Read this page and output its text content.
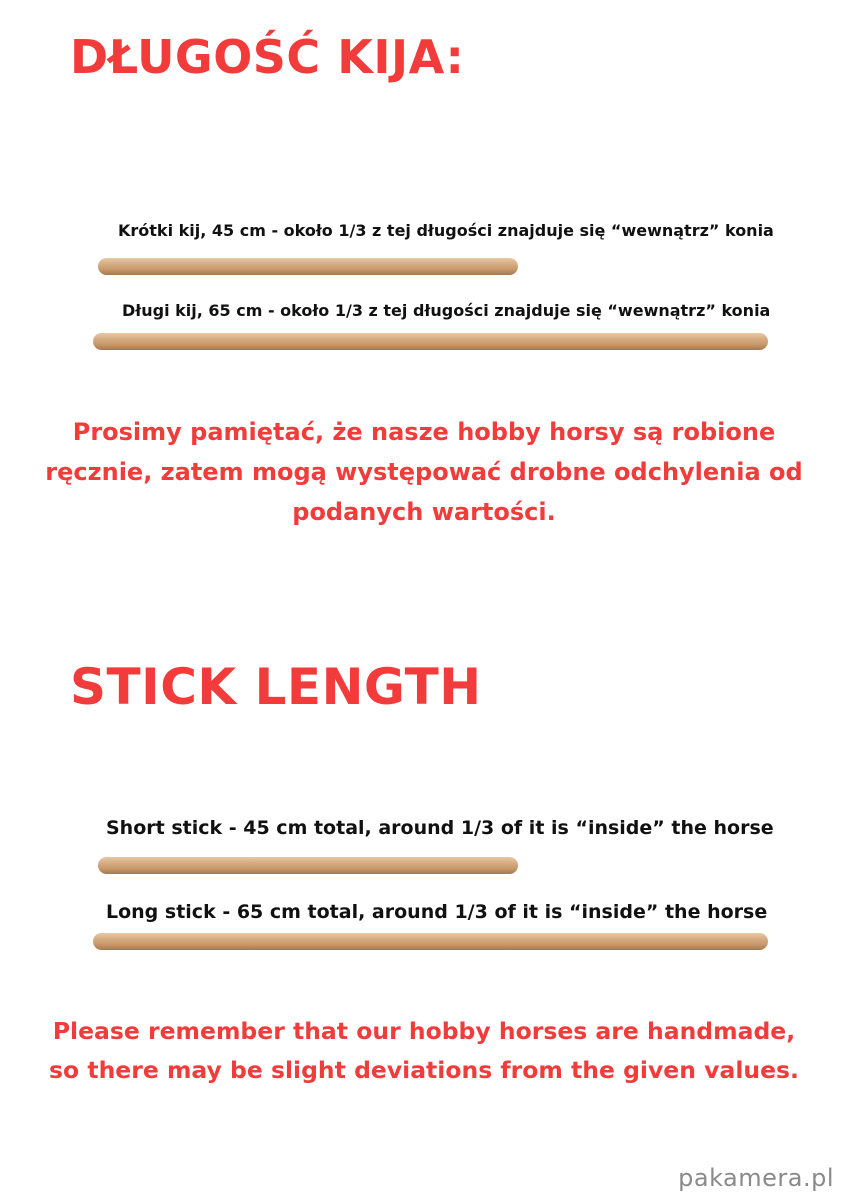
DŁUGOŚĆ KIJA:
Krótki kij, 45 cm - około 1/3 z tej długości znajduje się “wewnątrz” konia
Długi kij, 65 cm - około 1/3 z tej długości znajduje się “wewnątrz” konia

Prosimy pamiętać, że nasze hobby horsy są robione ręcznie, zatem mogą występować drobne odchylenia od podanych wartości.

STICK LENGTH
Short stick - 45 cm total, around 1/3 of it is “inside” the horse
Long stick - 65 cm total, around 1/3 of it is “inside” the horse
Please remember that our hobby horses are handmade,
so there may be slight deviations from the given values.
pakamera.pl
